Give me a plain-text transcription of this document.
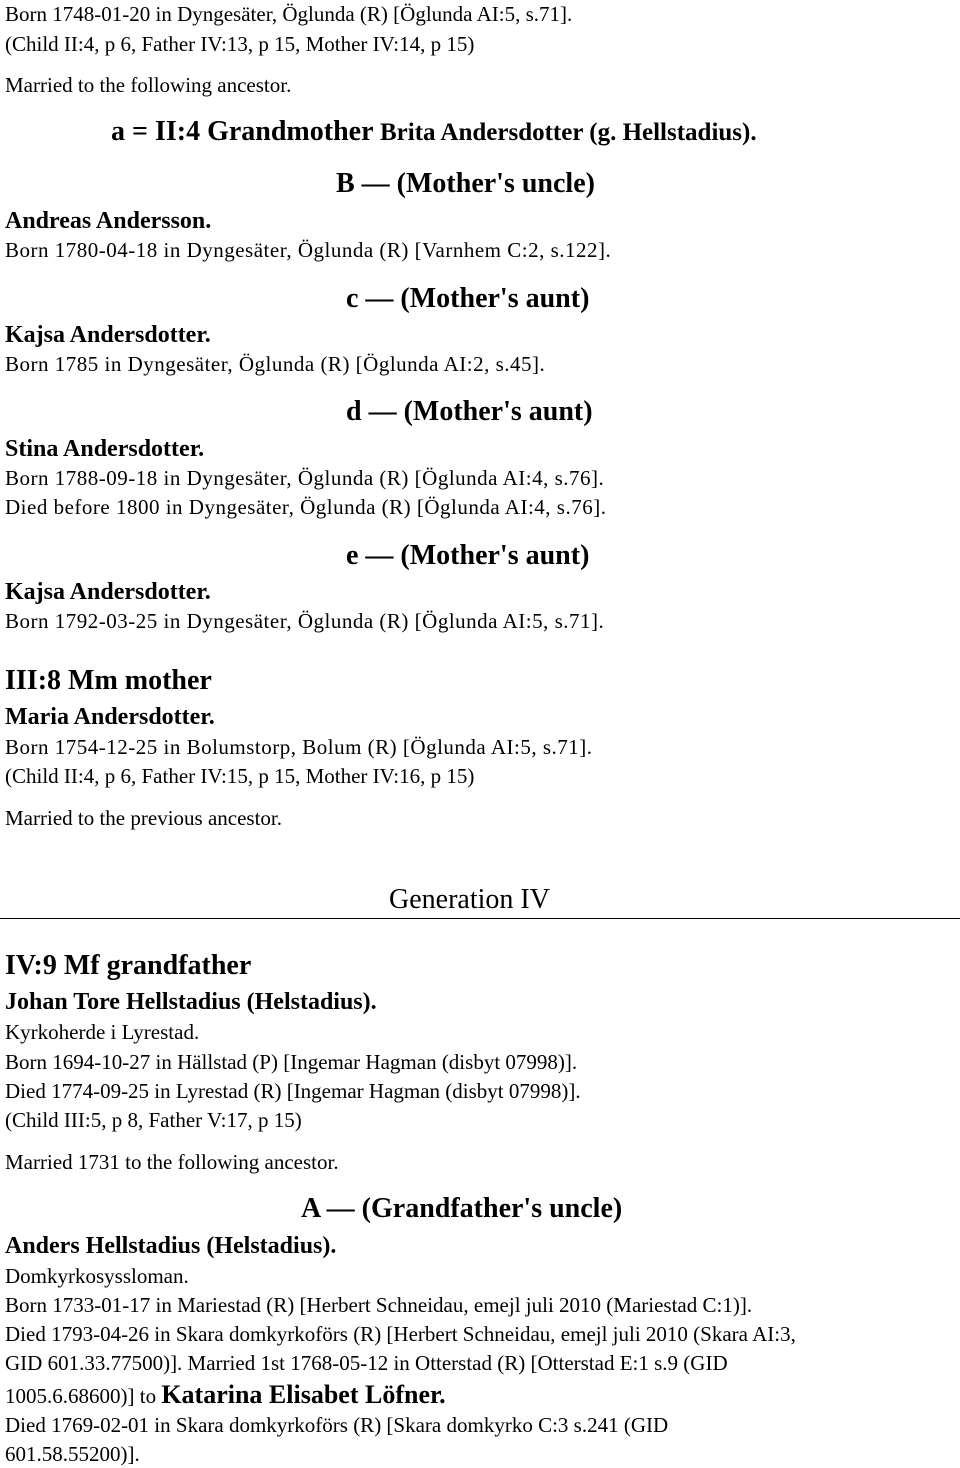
Born 1748-01-20 in Dyngesäter, Öglunda (R) [Öglunda AI:5, s.71].
(Child II:4, p 6, Father IV:13, p 15, Mother IV:14, p 15)
Married to the following ancestor.
a = II:4 Grandmother Brita Andersdotter (g. Hellstadius).
B — (Mother's uncle)
Andreas Andersson.
Born 1780-04-18 in Dyngesäter, Öglunda (R) [Varnhem C:2, s.122].
c — (Mother's aunt)
Kajsa Andersdotter.
Born 1785 in Dyngesäter, Öglunda (R) [Öglunda AI:2, s.45].
d — (Mother's aunt)
Stina Andersdotter.
Born 1788-09-18 in Dyngesäter, Öglunda (R) [Öglunda AI:4, s.76].
Died before 1800 in Dyngesäter, Öglunda (R) [Öglunda AI:4, s.76].
e — (Mother's aunt)
Kajsa Andersdotter.
Born 1792-03-25 in Dyngesäter, Öglunda (R) [Öglunda AI:5, s.71].
III:8 Mm mother
Maria Andersdotter.
Born 1754-12-25 in Bolumstorp, Bolum (R) [Öglunda AI:5, s.71].
(Child II:4, p 6, Father IV:15, p 15, Mother IV:16, p 15)
Married to the previous ancestor.
Generation IV
IV:9 Mf grandfather
Johan Tore Hellstadius (Helstadius).
Kyrkoherde i Lyrestad.
Born 1694-10-27 in Hällstad (P) [Ingemar Hagman (disbyt 07998)].
Died 1774-09-25 in Lyrestad (R) [Ingemar Hagman (disbyt 07998)].
(Child III:5, p 8, Father V:17, p 15)
Married 1731 to the following ancestor.
A — (Grandfather's uncle)
Anders Hellstadius (Helstadius).
Domkyrkosyssloman.
Born 1733-01-17 in Mariestad (R) [Herbert Schneidau, emejl juli 2010 (Mariestad C:1)].
Died 1793-04-26 in Skara domkyrkoförs (R) [Herbert Schneidau, emejl juli 2010 (Skara AI:3,
GID 601.33.77500)]. Married 1st 1768-05-12 in Otterstad (R) [Otterstad E:1 s.9 (GID
1005.6.68600)] to Katarina Elisabet Löfner.
Died 1769-02-01 in Skara domkyrkoförs (R) [Skara domkyrko C:3 s.241 (GID
601.58.55200)].
